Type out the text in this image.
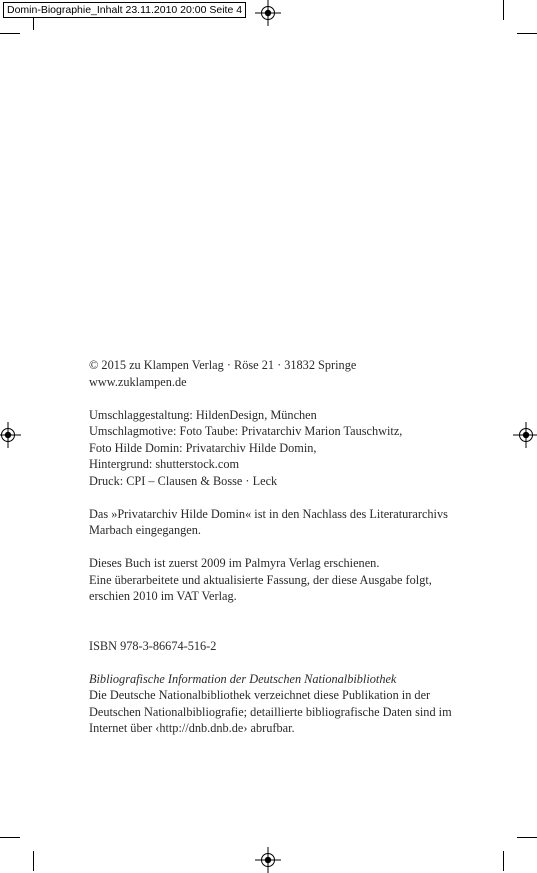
Domin-Biographie_Inhalt 23.11.2010 20:00 Seite 4
© 2015 zu Klampen Verlag · Röse 21 · 31832 Springe
www.zuklampen.de
Umschlaggestaltung: HildenDesign, München
Umschlagmotive: Foto Taube: Privatarchiv Marion Tauschwitz,
Foto Hilde Domin: Privatarchiv Hilde Domin,
Hintergrund: shutterstock.com
Druck: CPI – Clausen & Bosse · Leck
Das »Privatarchiv Hilde Domin« ist in den Nachlass des Literaturarchivs
Marbach eingegangen.
Dieses Buch ist zuerst 2009 im Palmyra Verlag erschienen.
Eine überarbeitete und aktualisierte Fassung, der diese Ausgabe folgt,
erschien 2010 im VAT Verlag.
ISBN 978-3-86674-516-2
Bibliografische Information der Deutschen Nationalbibliothek
Die Deutsche Nationalbibliothek verzeichnet diese Publikation in der
Deutschen Nationalbibliografie; detaillierte bibliografische Daten sind im
Internet über ‹http://dnb.dnb.de› abrufbar.
